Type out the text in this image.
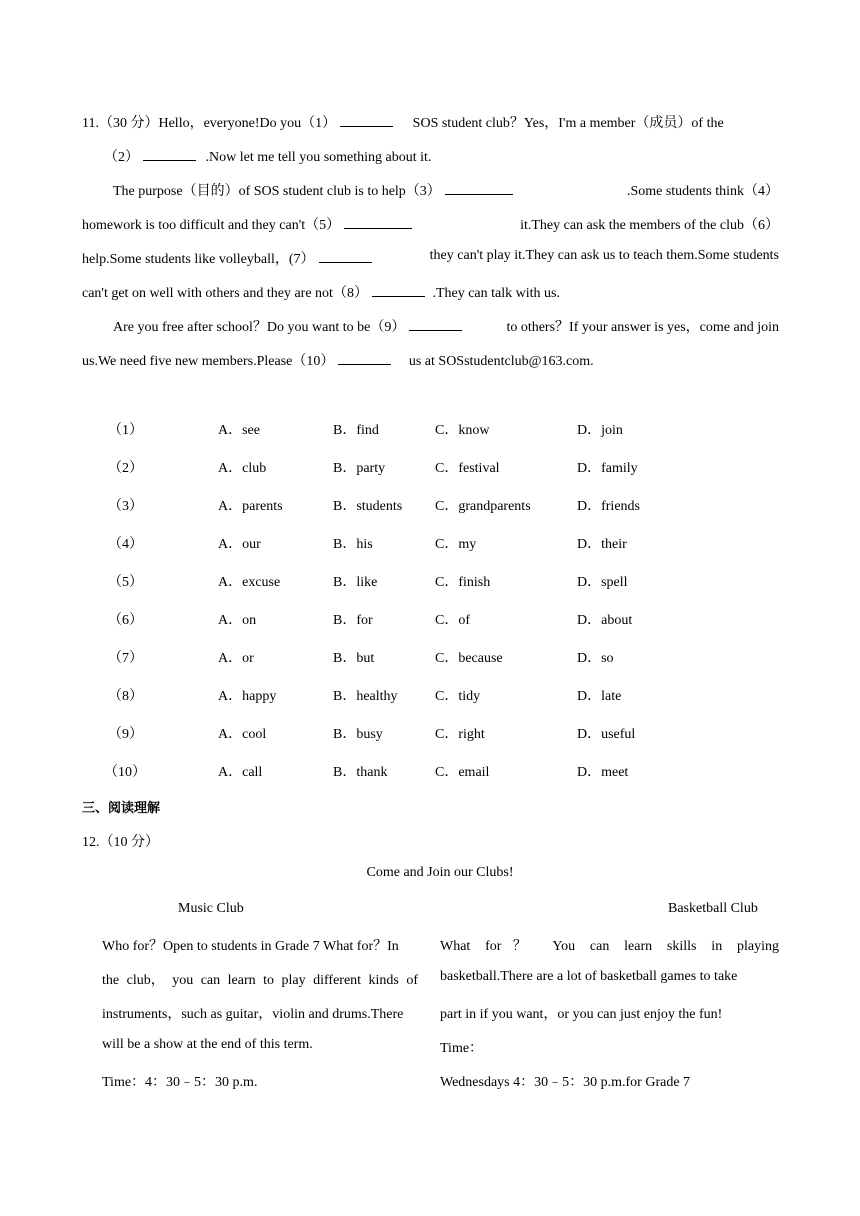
11.（30 分）Hello，everyone!Do you（1）	SOS student club？Yes，I'm a member（成员）of the
（2）	.Now let me tell you something about it.
The purpose（目的）of SOS student club is to help（3）	.Some students think（4）
homework is too difficult and they can't（5）	it.They can ask the members of the club（6）
help.Some students like volleyball，(7）	they can't play it.They can ask us to teach them.Some students
can't get on well with others and they are not（8）	.They can talk with us.
Are you free after school？Do you want to be（9）	to others？If your answer is yes，come and join
us.We need five new members.Please（10）	us at SOSstudentclub@163.com.
（1）	A．see	B．find	C．know	D．join
（2）	A．club	B．party	C．festival	D．family
（3）	A．parents	B．students C．grandparents	D．friends
（4）	A．our	B．his	C．my	D．their
（5）	A．excuse	B．like	C．finish	D．spell
（6）	A．on	B．for	C．of	D．about
（7）	A．or	B．but	C．because	D．so
（8）	A．happy	B．healthy	C．tidy	D．late
（9）	A．cool	B．busy	C．right	D．useful
（10）	A．call	B．thank	C．email	D．meet
三、阅读理解
12.（10 分）
Come and Join our Clubs!
Music Club
Who for？Open to students in Grade 7 What for？In
the club， you can learn to play different kinds of
instruments，such as guitar，violin and drums.There
will be a show at the end of this term.
Time：4：30﹣5：30 p.m.
Basketball Club
What for？ You can learn skills in playing
basketball.There are a lot of basketball games to take
part in if you want，or you can just enjoy the fun!
Time：
Wednesdays 4：30﹣5：30 p.m.for Grade 7
